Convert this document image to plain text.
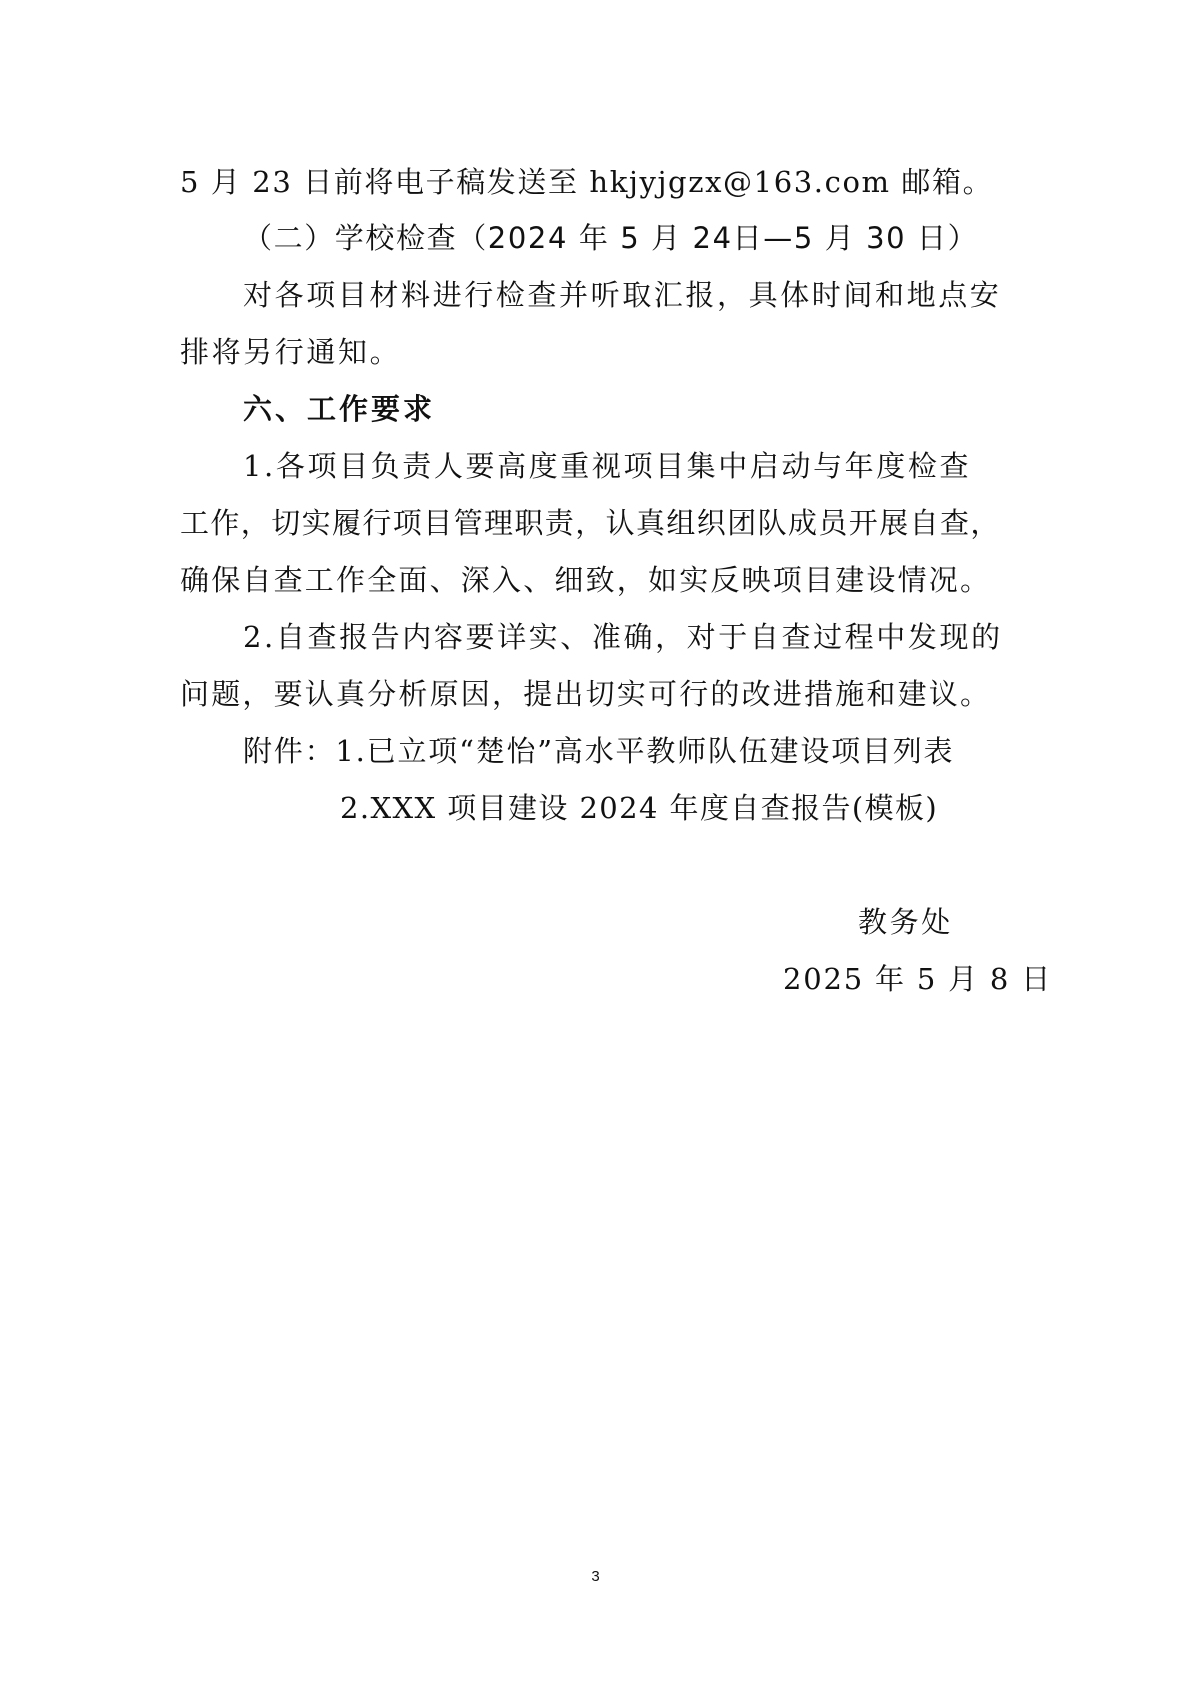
5 月 23 日前将电子稿发送至 hkjyjgzx@163.com 邮箱。
（二）学校检查（2024 年 5 月 24日—5 月 30 日）
对各项目材料进行检查并听取汇报，具体时间和地点安
排将另行通知。
六、工作要求
1.各项目负责人要高度重视项目集中启动与年度检查
工作，切实履行项目管理职责，认真组织团队成员开展自查，
确保自查工作全面、深入、细致，如实反映项目建设情况。
2.自查报告内容要详实、准确，对于自查过程中发现的
问题，要认真分析原因，提出切实可行的改进措施和建议。
附件：1.已立项“楚怡”高水平教师队伍建设项目列表
2.XXX 项目建设 2024 年度自查报告(模板)
教务处
2025 年 5 月 8 日
3
